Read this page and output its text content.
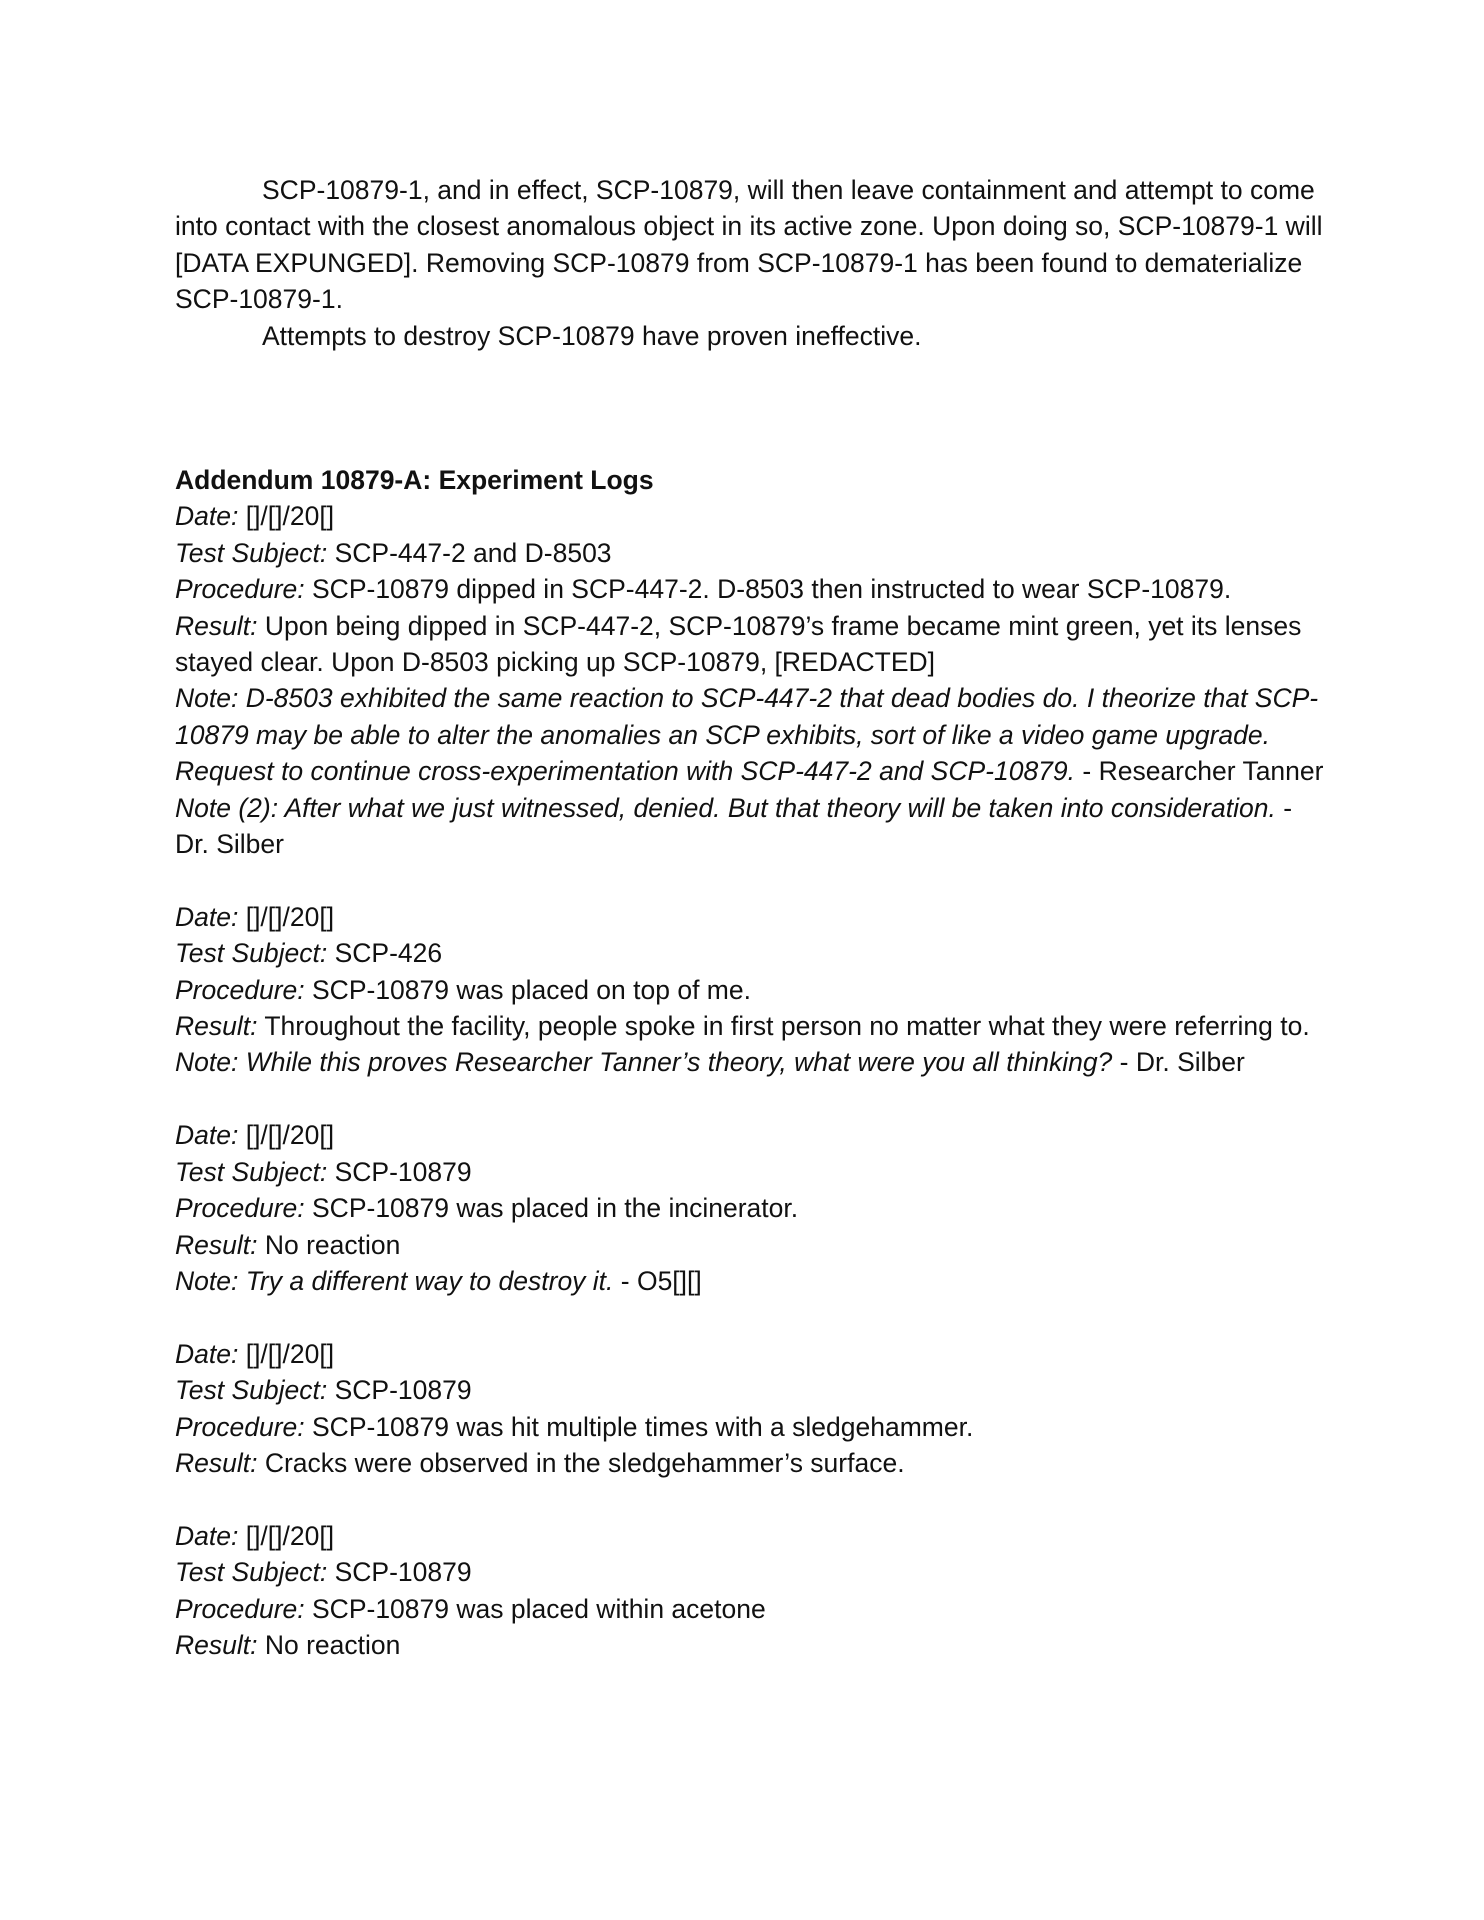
SCP-10879-1, and in effect, SCP-10879, will then leave containment and attempt to come into contact with the closest anomalous object in its active zone. Upon doing so, SCP-10879-1 will [DATA EXPUNGED]. Removing SCP-10879 from SCP-10879-1 has been found to dematerialize SCP-10879-1.

Attempts to destroy SCP-10879 have proven ineffective.

Addendum 10879-A: Experiment Logs

Date: []/[]/20[]

Test Subject: SCP-447-2 and D-8503

Procedure: SCP-10879 dipped in SCP-447-2. D-8503 then instructed to wear SCP-10879.

Result: Upon being dipped in SCP-447-2, SCP-10879’s frame became mint green, yet its lenses stayed clear. Upon D-8503 picking up SCP-10879, [REDACTED]

Note: D-8503 exhibited the same reaction to SCP-447-2 that dead bodies do. I theorize that SCP-10879 may be able to alter the anomalies an SCP exhibits, sort of like a video game upgrade. Request to continue cross-experimentation with SCP-447-2 and SCP-10879. - Researcher Tanner

Note (2): After what we just witnessed, denied. But that theory will be taken into consideration. - Dr. Silber

Date: []/[]/20[]

Test Subject: SCP-426

Procedure: SCP-10879 was placed on top of me.

Result: Throughout the facility, people spoke in first person no matter what they were referring to.

Note: While this proves Researcher Tanner’s theory, what were you all thinking? - Dr. Silber

Date: []/[]/20[]

Test Subject: SCP-10879

Procedure: SCP-10879 was placed in the incinerator.

Result: No reaction

Note: Try a different way to destroy it. - O5[][]

Date: []/[]/20[]

Test Subject: SCP-10879

Procedure: SCP-10879 was hit multiple times with a sledgehammer.

Result: Cracks were observed in the sledgehammer’s surface.

Date: []/[]/20[]

Test Subject: SCP-10879

Procedure: SCP-10879 was placed within acetone

Result: No reaction
